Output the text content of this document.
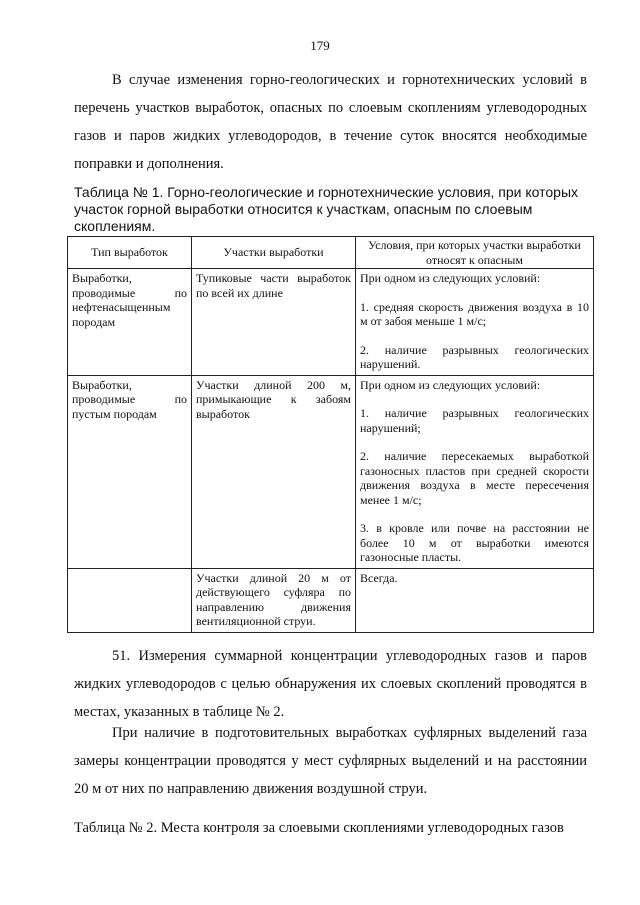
179

В случае изменения горно-геологических и горнотехнических условий в перечень участков выработок, опасных по слоевым скоплениям углеводородных газов и паров жидких углеводородов, в течение суток вносятся необходимые поправки и дополнения.

Таблица № 1. Горно-геологические и горнотехнические условия, при которых участок горной выработки относится к участкам, опасным по слоевым скоплениям.

Тип выработок	Участки выработки	Условия, при которых участки выработки относят к опасным
Выработки, проводимые по нефтенасыщенным породам	Тупиковые части выработок по всей их длине	При одном из следующих условий:
1. средняя скорость движения воздуха в 10 м от забоя меньше 1 м/с;
2. наличие разрывных геологических нарушений.

Выработки, проводимые по пустым породам	Участки длиной 200 м, примыкающие к забоям выработок	При одном из следующих условий:
1. наличие разрывных геологических нарушений;
2. наличие пересекаемых выработкой газоносных пластов при средней скорости движения воздуха в месте пересечения менее 1 м/с;
3. в кровле или почве на расстоянии не более 10 м от выработки имеются газоносные пласты.

	Участки длиной 20 м от действующего суфляра по направлению движения вентиляционной струи.	Всегда.

51. Измерения суммарной концентрации углеводородных газов и паров жидких углеводородов с целью обнаружения их слоевых скоплений проводятся в местах, указанных в таблице № 2.

При наличие в подготовительных выработках суфлярных выделений газа замеры концентрации проводятся у мест суфлярных выделений и на расстоянии 20 м от них по направлению движения воздушной струи.

Таблица № 2. Места контроля за слоевыми скоплениями углеводородных газов
